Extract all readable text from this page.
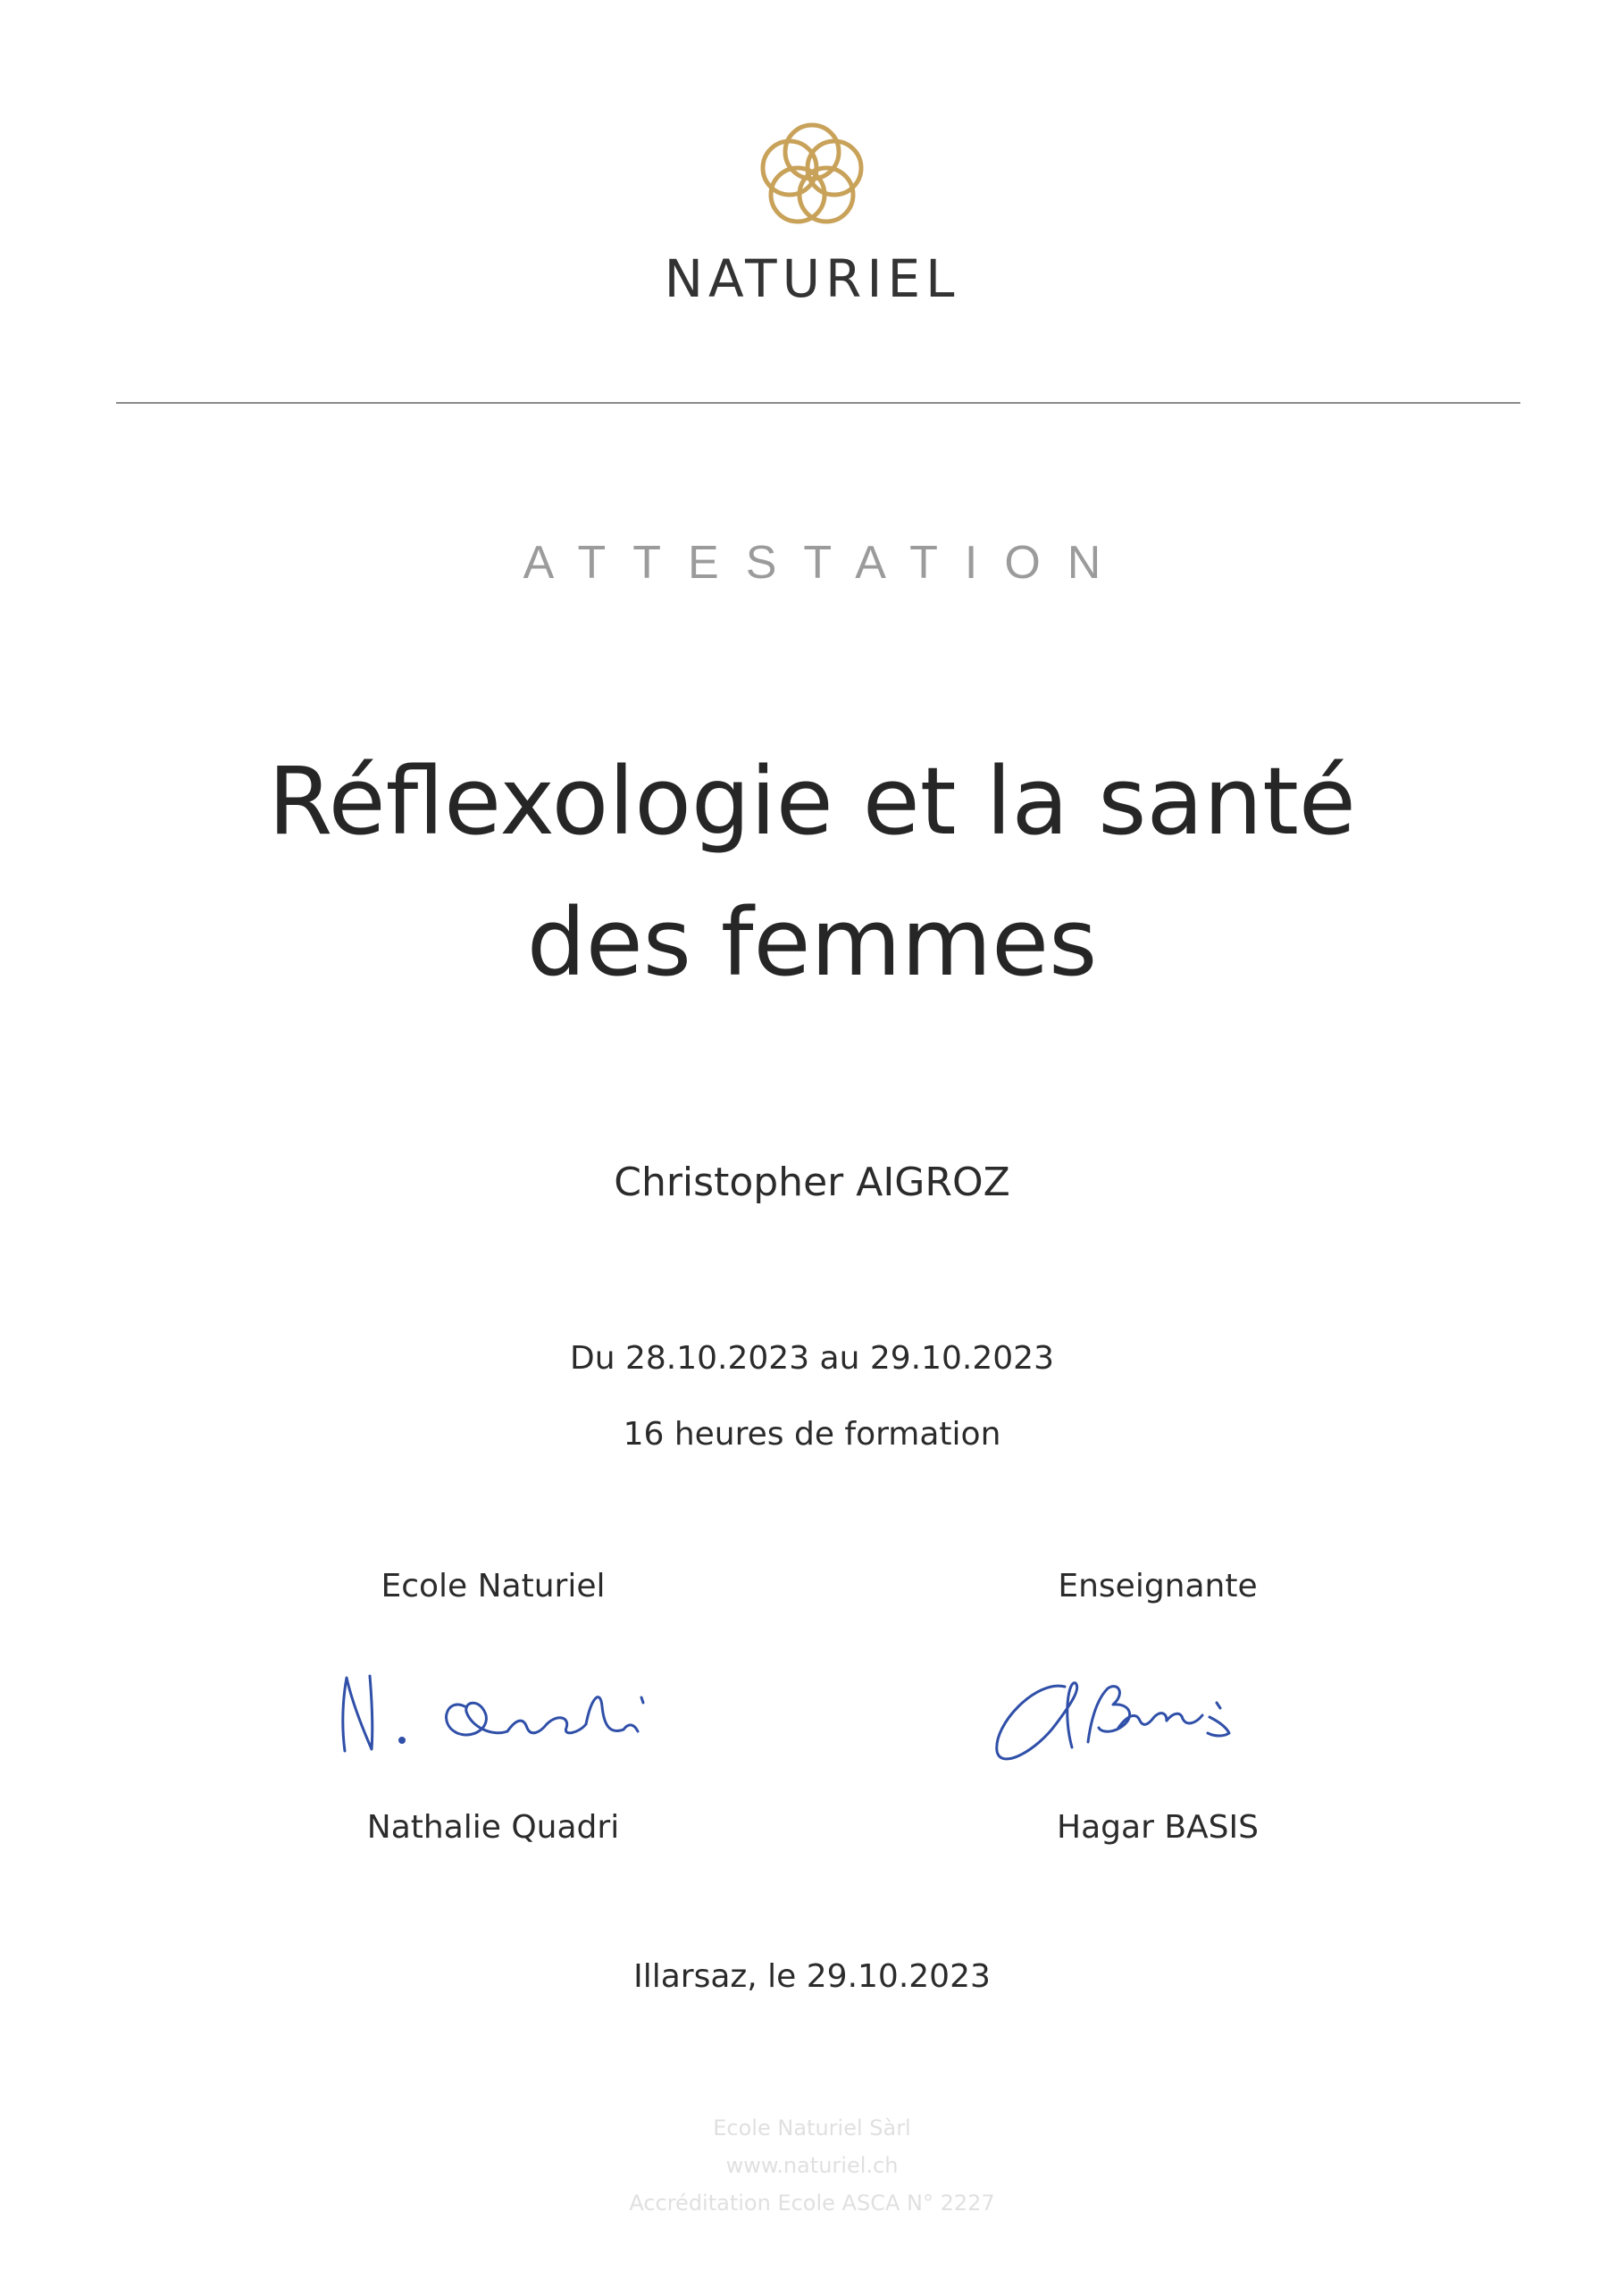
NATURIEL
ATTESTATION
Réflexologie et la santé
des femmes
Christopher AIGROZ
Du 28.10.2023 au 29.10.2023
16 heures de formation
Ecole Naturiel
Nathalie Quadri
Enseignante
Hagar BASIS
Illarsaz, le 29.10.2023
Ecole Naturiel Sàrl
www.naturiel.ch
Accréditation Ecole ASCA N° 2227
